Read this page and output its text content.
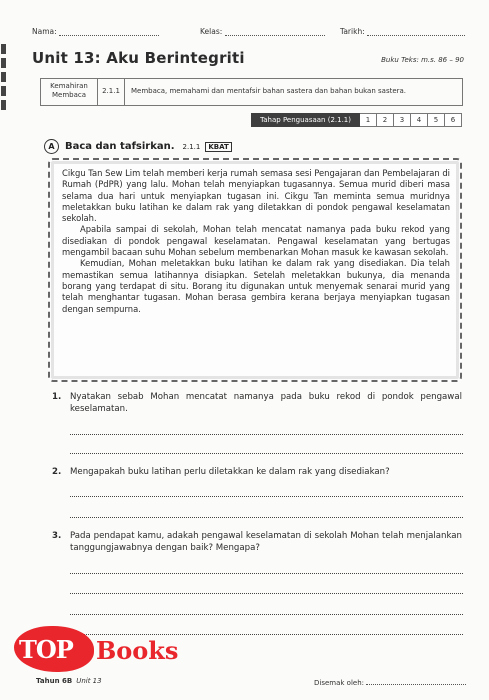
Nama:	Kelas:	Tarikh:
Unit 13: Aku Berintegriti	Buku Teks: m.s. 86 – 90
Kemahiran Membaca	2.1.1	Membaca, memahami dan mentafsir bahan sastera dan bahan bukan sastera.
Tahap Penguasaan (2.1.1)	1	2	3	4	5	6
A	Baca dan tafsirkan. 2.1.1	KBAT

Cikgu Tan Sew Lim telah memberi kerja rumah semasa sesi Pengajaran dan Pembelajaran di Rumah (PdPR) yang lalu. Mohan telah menyiapkan tugasannya. Semua murid diberi masa selama dua hari untuk menyiapkan tugasan ini. Cikgu Tan meminta semua muridnya meletakkan buku latihan ke dalam rak yang diletakkan di pondok pengawal keselamatan sekolah.

Apabila sampai di sekolah, Mohan telah mencatat namanya pada buku rekod yang disediakan di pondok pengawal keselamatan. Pengawal keselamatan yang bertugas mengambil bacaan suhu Mohan sebelum membenarkan Mohan masuk ke kawasan sekolah.

Kemudian, Mohan meletakkan buku latihan ke dalam rak yang disediakan. Dia telah memastikan semua latihannya disiapkan. Setelah meletakkan bukunya, dia menanda borang yang terdapat di situ. Borang itu digunakan untuk menyemak senarai murid yang telah menghantar tugasan. Mohan berasa gembira kerana berjaya menyiapkan tugasan dengan sempurna.

1. Nyatakan sebab Mohan mencatat namanya pada buku rekod di pondok pengawal keselamatan.
2. Mengapakah buku latihan perlu diletakkan ke dalam rak yang disediakan?
3. Pada pendapat kamu, adakah pengawal keselamatan di sekolah Mohan telah menjalankan tanggungjawabnya dengan baik? Mengapa?
TOP Books
Tahun 6B Unit 13	Disemak oleh:
